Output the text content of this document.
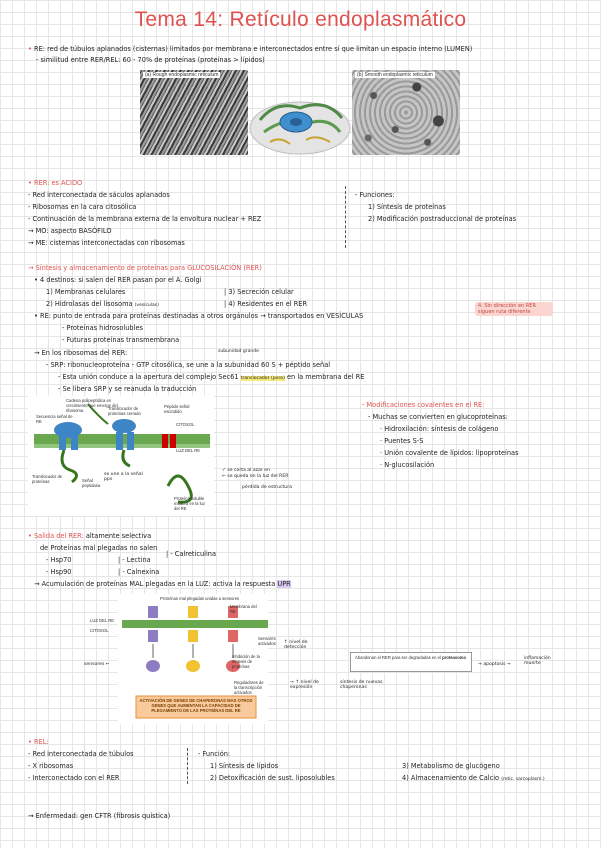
Tema 14: Retículo endoplasmático
• RE: red de túbulos aplanados (cisternas) limitados por membrana e interconectados entre sí que limitan un espacio interno (LUMEN)
- similitud entre RER/REL: 60 - 70% de proteínas (proteínas > lípidos)
(a) Rough endoplasmic reticulum	(b) Smooth endoplasmic reticulum
• RER: es ACIDO
- Red interconectada de sáculos aplanados
- Ribosomas en la cara citosólica
- Continuación de la membrana externa de la envoltura nuclear + REZ
→ MO: aspecto BASÓFILO
→ ME: cisternas interconectadas con ribosomas
- Funciones:
1) Síntesis de proteínas
2) Modificación postraduccional de proteínas
→ Síntesis y almacenamiento de proteínas para GLUCOSILACIÓN (RER)
• 4 destinos: si salen del RER pasan por el A. Golgi
1) Membranas celulares
2) Hidrolasas del lisosoma (vesículas)
| 3) Secreción celular
| 4) Residentes en el RER
• RE: punto de entrada para proteínas destinadas a otros orgánulos → transportados en VESÍCULAS
- Proteínas hidrosolubles
- Futuras proteínas transmembrana
→ En los ribosomas del RER:	subunidad grande
- SRP: ribonucleoproteína - GTP citosólica, se une a la subunidad 60 S + péptido señal
- Esta unión conduce a la apertura del complejo Sec61 translocador (poro) en la membrana del RE
- Se libera SRP y se reanuda la traducción
4. Sin dirección en RER siguen ruta diferente
Cadena polipeptídica en crecimiento que emerge del ribosoma
Secuencia señal de RE
Translocador de proteínas cerrado
Péptido señal escindido
CITOSOL
LUZ DEL RE
Translocador de proteínas	Señal peptidasa
Proteína soluble madura en la luz del RE
se une a la señal
pps
✓ se corta al azar en
← se queda en la luz del RER
pérdida de estructura
- Modificaciones covalentes en el RE:
- Muchas se convierten en glucoproteínas:
· Hidroxilación: síntesis de colágeno
· Puentes S-S
· Unión covalente de lípidos: lipoproteínas
· N-glucosilación
• Salida del RER: altamente selectiva
de Proteínas mal plegadas no salen
- Hsp70
- Hsp90
| - Lectina
| - Calnexina
| - Calreticulina
→ Acumulación de proteínas MAL plegadas en la LUZ: activa la respuesta UPR
Proteínas mal plegadas unidas a sensores
LUZ DEL RE
CITOSOL
Membrana del RE
Sensores activados
Inhibición de la síntesis de proteínas
Reguladores de la transcripción activados
ACTIVACIÓN DE GENES DE CHAPERONAS MAS OTROS GENES QUE AUMENTAN LA CAPACIDAD DE PLEGAMIENTO DE LAS PROTEÍNAS DEL RE
Abandonan el RER para ser degradadas en el proteasoma
sensores ←
↑ nivel de
detección
→ ↑ nivel de
expresión
síntesis de nuevas chaperonas
→ apoptosis →
inflamación
muerte
• REL:
- Red interconectada de túbulos
- X ribosomas
- Interconectado con el RER
- Función:
1) Síntesis de lípidos
2) Detoxificación de sust. liposolubles
3) Metabolismo de glucógeno
4) Almacenamiento de Calcio (retic. sarcoplasm.)
→ Enfermedad: gen CFTR (fibrosis quística)
